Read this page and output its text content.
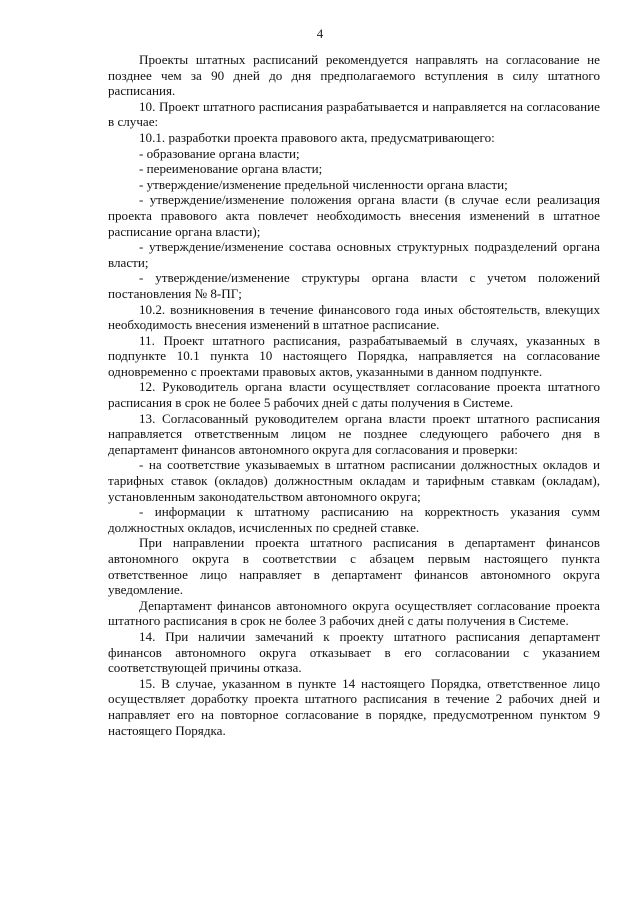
4

Проекты штатных расписаний рекомендуется направлять на согласование не позднее чем за 90 дней до дня предполагаемого вступления в силу штатного расписания.

10. Проект штатного расписания разрабатывается и направляется на согласование в случае:

10.1. разработки проекта правового акта, предусматривающего:

- образование органа власти;

- переименование органа власти;

- утверждение/изменение предельной численности органа власти;

- утверждение/изменение положения органа власти (в случае если реализация проекта правового акта повлечет необходимость внесения изменений в штатное расписание органа власти);

- утверждение/изменение состава основных структурных подразделений органа власти;

- утверждение/изменение структуры органа власти с учетом положений постановления № 8-ПГ;

10.2. возникновения в течение финансового года иных обстоятельств, влекущих необходимость внесения изменений в штатное расписание.

11. Проект штатного расписания, разрабатываемый в случаях, указанных в подпункте 10.1 пункта 10 настоящего Порядка, направляется на согласование одновременно с проектами правовых актов, указанными в данном подпункте.

12. Руководитель органа власти осуществляет согласование проекта штатного расписания в срок не более 5 рабочих дней с даты получения в Системе.

13. Согласованный руководителем органа власти проект штатного расписания направляется ответственным лицом не позднее следующего рабочего дня в департамент финансов автономного округа для согласования и проверки:

- на соответствие указываемых в штатном расписании должностных окладов и тарифных ставок (окладов) должностным окладам и тарифным ставкам (окладам), установленным законодательством автономного округа;

- информации к штатному расписанию на корректность указания сумм должностных окладов, исчисленных по средней ставке.

При направлении проекта штатного расписания в департамент финансов автономного округа в соответствии с абзацем первым настоящего пункта ответственное лицо направляет в департамент финансов автономного округа уведомление.

Департамент финансов автономного округа осуществляет согласование проекта штатного расписания в срок не более 3 рабочих дней с даты получения в Системе.

14. При наличии замечаний к проекту штатного расписания департамент финансов автономного округа отказывает в его согласовании с указанием соответствующей причины отказа.

15. В случае, указанном в пункте 14 настоящего Порядка, ответственное лицо осуществляет доработку проекта штатного расписания в течение 2 рабочих дней и направляет его на повторное согласование в порядке, предусмотренном пунктом 9 настоящего Порядка.
